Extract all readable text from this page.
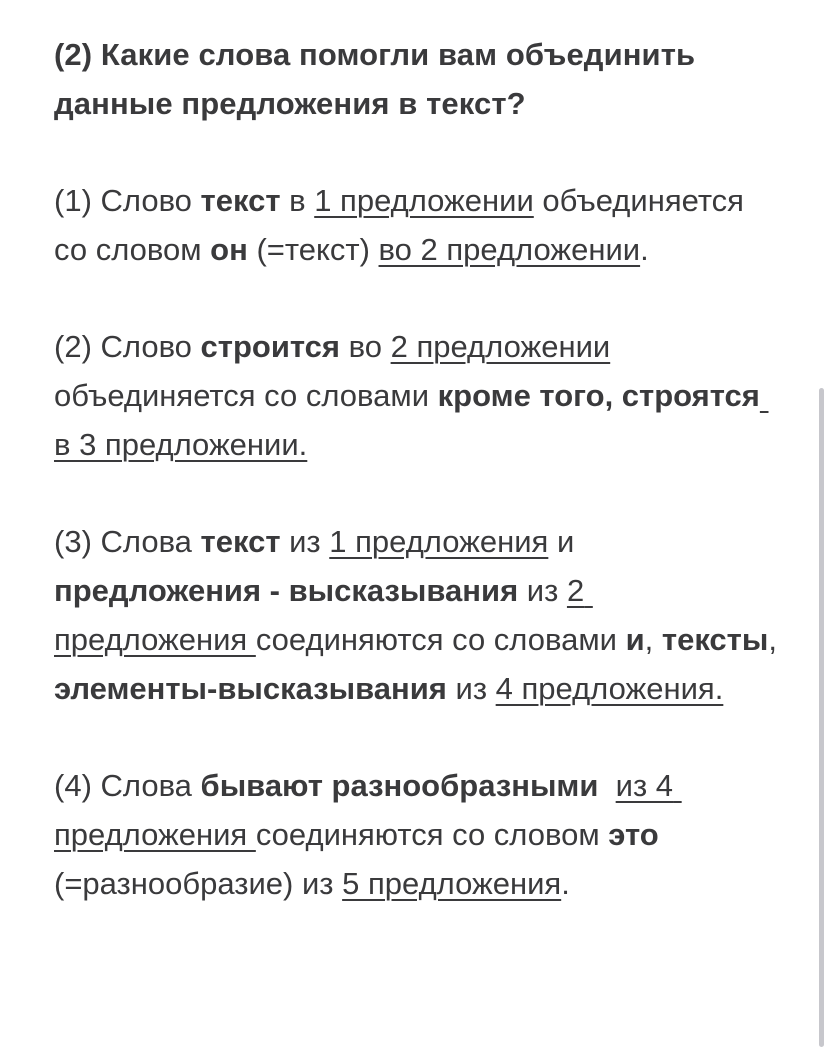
(2) Какие слова помогли вам объединить данные предложения в текст?

(1) Слово текст в 1 предложении объединяется со словом он (=текст) во 2 предложении.

(2) Слово строится во 2 предложении объединяется со словами кроме того, строятся в 3 предложении.

(3) Слова текст из 1 предложения и предложения - высказывания из 2 предложения соединяются со словами и, тексты, элементы-высказывания из 4 предложения.

(4) Слова бывают разнообразными из 4 предложения соединяются со словом это (=разнообразие) из 5 предложения.
